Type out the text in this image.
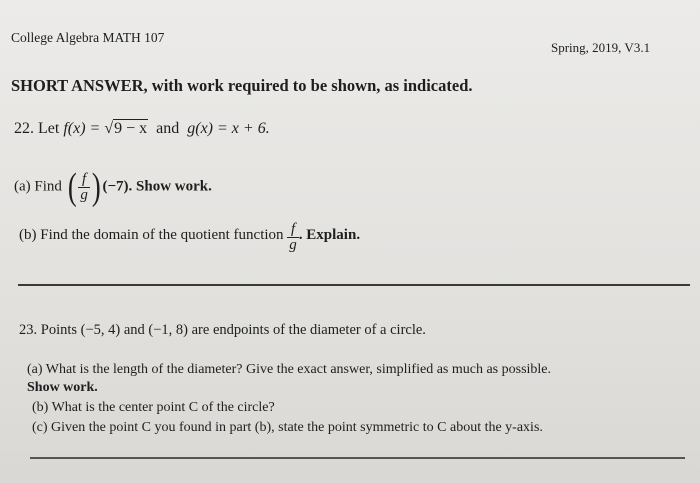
College Algebra MATH 107
Spring, 2019, V3.1
SHORT ANSWER, with work required to be shown, as indicated.
22. Let f(x) = √9 − x and g(x) = x + 6.
(a) Find ( $\frac{f}{g}$ ) (−7). Show work.
(b) Find the domain of the quotient function $\frac{f}{g}$ . Explain.
23. Points (−5, 4) and (−1, 8) are endpoints of the diameter of a circle.
(a) What is the length of the diameter? Give the exact answer, simplified as much as possible.
Show work.
(b) What is the center point C of the circle?
(c) Given the point C you found in part (b), state the point symmetric to C about the y-axis.
